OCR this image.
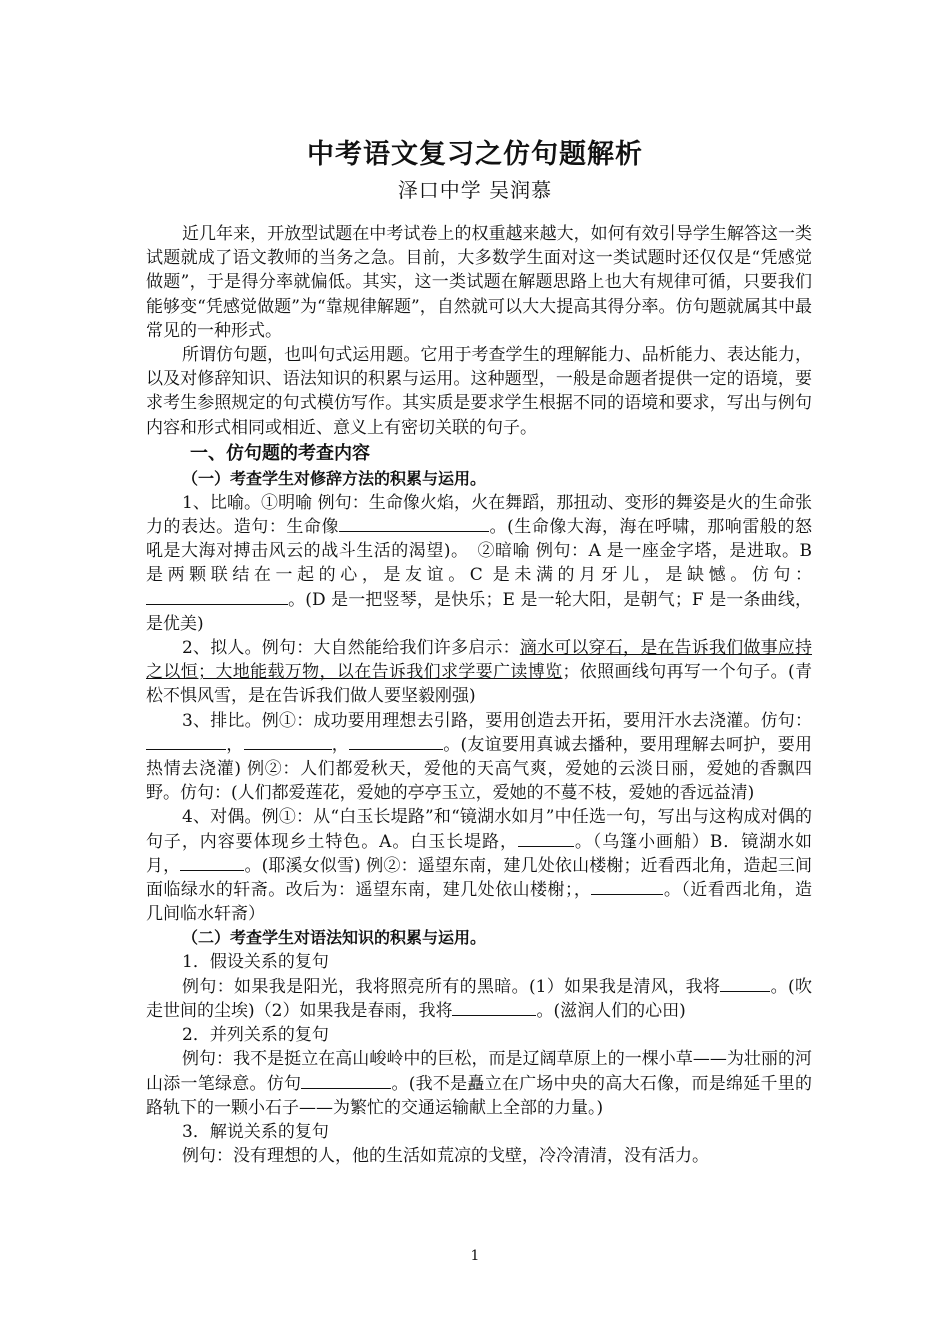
中考语文复习之仿句题解析
泽口中学 吴润慕

近几年来，开放型试题在中考试卷上的权重越来越大，如何有效引导学生解答这一类试题就成了语文教师的当务之急。目前，大多数学生面对这一类试题时还仅仅是“凭感觉做题”，于是得分率就偏低。其实，这一类试题在解题思路上也大有规律可循，只要我们能够变“凭感觉做题”为“靠规律解题”，自然就可以大大提高其得分率。仿句题就属其中最常见的一种形式。

所谓仿句题，也叫句式运用题。它用于考查学生的理解能力、品析能力、表达能力，以及对修辞知识、语法知识的积累与运用。这种题型，一般是命题者提供一定的语境，要求考生参照规定的句式模仿写作。其实质是要求学生根据不同的语境和要求，写出与例句内容和形式相同或相近、意义上有密切关联的句子。

一、仿句题的考查内容

（一）考查学生对修辞方法的积累与运用。

1、比喻。①明喻 例句：生命像火焰，火在舞蹈，那扭动、变形的舞姿是火的生命张力的表达。造句：生命像	。(生命像大海，海在呼啸，那响雷般的怒吼是大海对搏击风云的战斗生活的渴望)。　②暗喻 例句：A 是一座金字塔，是进取。B 是两颗联结在一起的心，是友谊。C 是未满的月牙儿，是缺憾。仿句：。(D 是一把竖琴，是快乐；E 是一轮大阳，是朝气；F 是一条曲线，是优美)

2、拟人。例句：大自然能给我们许多启示：滴水可以穿石，是在告诉我们做事应持之以恒；大地能载万物，以在告诉我们求学要广读博览；依照画线句再写一个句子。(青松不惧风雪，是在告诉我们做人要坚毅刚强)

3、排比。例①：成功要用理想去引路，要用创造去开拓，要用汗水去浇灌。仿句：，	，	。(友谊要用真诚去播种，要用理解去呵护，要用热情去浇灌) 例②：人们都爱秋天，爱他的天高气爽，爱她的云淡日丽，爱她的香飘四野。仿句：(人们都爱莲花，爱她的亭亭玉立，爱她的不蔓不枝，爱她的香远益清)

4、对偶。例①：从“白玉长堤路”和“镜湖水如月”中任选一句，写出与这构成对偶的句子，内容要体现乡土特色。A。白玉长堤路，	。（乌篷小画船）B．镜湖水如月，	。(耶溪女似雪) 例②：遥望东南，建几处依山楼榭；近看西北角，造起三间面临绿水的轩斋。改后为：遥望东南，建几处依山楼榭；，	。（近看西北角，造几间临水轩斋）

（二）考查学生对语法知识的积累与运用。

1．假设关系的复句

例句：如果我是阳光，我将照亮所有的黑暗。(1）如果我是清风，我将	。(吹走世间的尘埃)（2）如果我是春雨，我将	。(滋润人们的心田)

2．并列关系的复句

例句：我不是挺立在高山峻岭中的巨松，而是辽阔草原上的一棵小草——为壮丽的河山添一笔绿意。仿句	。(我不是矗立在广场中央的高大石像，而是绵延千里的路轨下的一颗小石子——为繁忙的交通运输献上全部的力量。)

3．解说关系的复句

例句：没有理想的人，他的生活如荒凉的戈壁，冷冷清清，没有活力。

1
